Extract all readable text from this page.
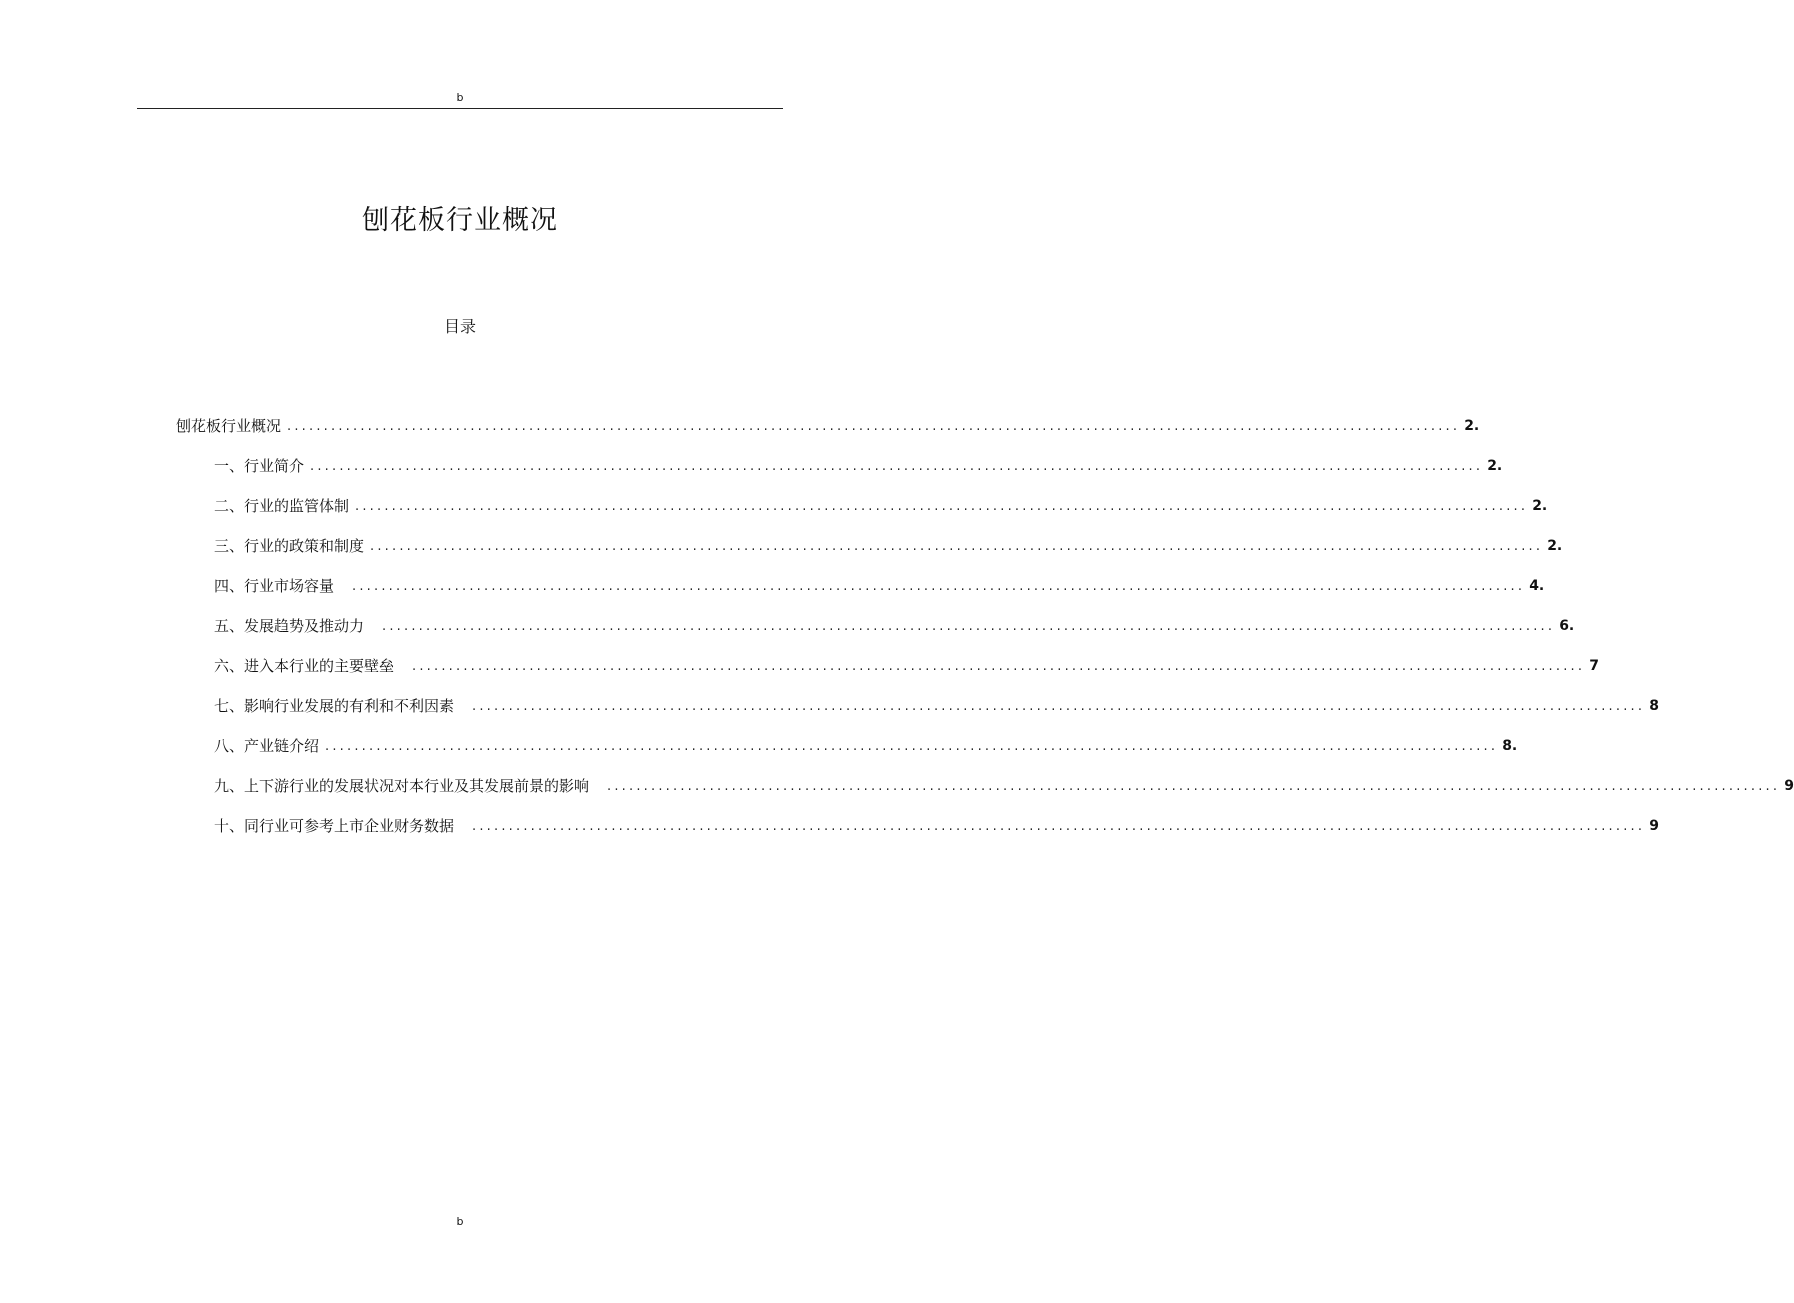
b
刨花板行业概况
目录
刨花板行业概况 ................................................................................................................................................................ 2.
一、行业简介 ................................................................................................................................................................ 2.
二、行业的监管体制 ................................................................................................................................................................ 2.
三、行业的政策和制度 ................................................................................................................................................................ 2.
四、行业市场容量 ................................................................................................................................................................ 4.
五、发展趋势及推动力 ................................................................................................................................................................ 6.
六、进入本行业的主要壁垒 ................................................................................................................................................................ 7
七、影响行业发展的有利和不利因素 ................................................................................................................................................................ 8
八、产业链介绍 ................................................................................................................................................................ 8.
九、上下游行业的发展状况对本行业及其发展前景的影响 ................................................................................................................................................................ 9
十、同行业可参考上市企业财务数据 ................................................................................................................................................................ 9
b
